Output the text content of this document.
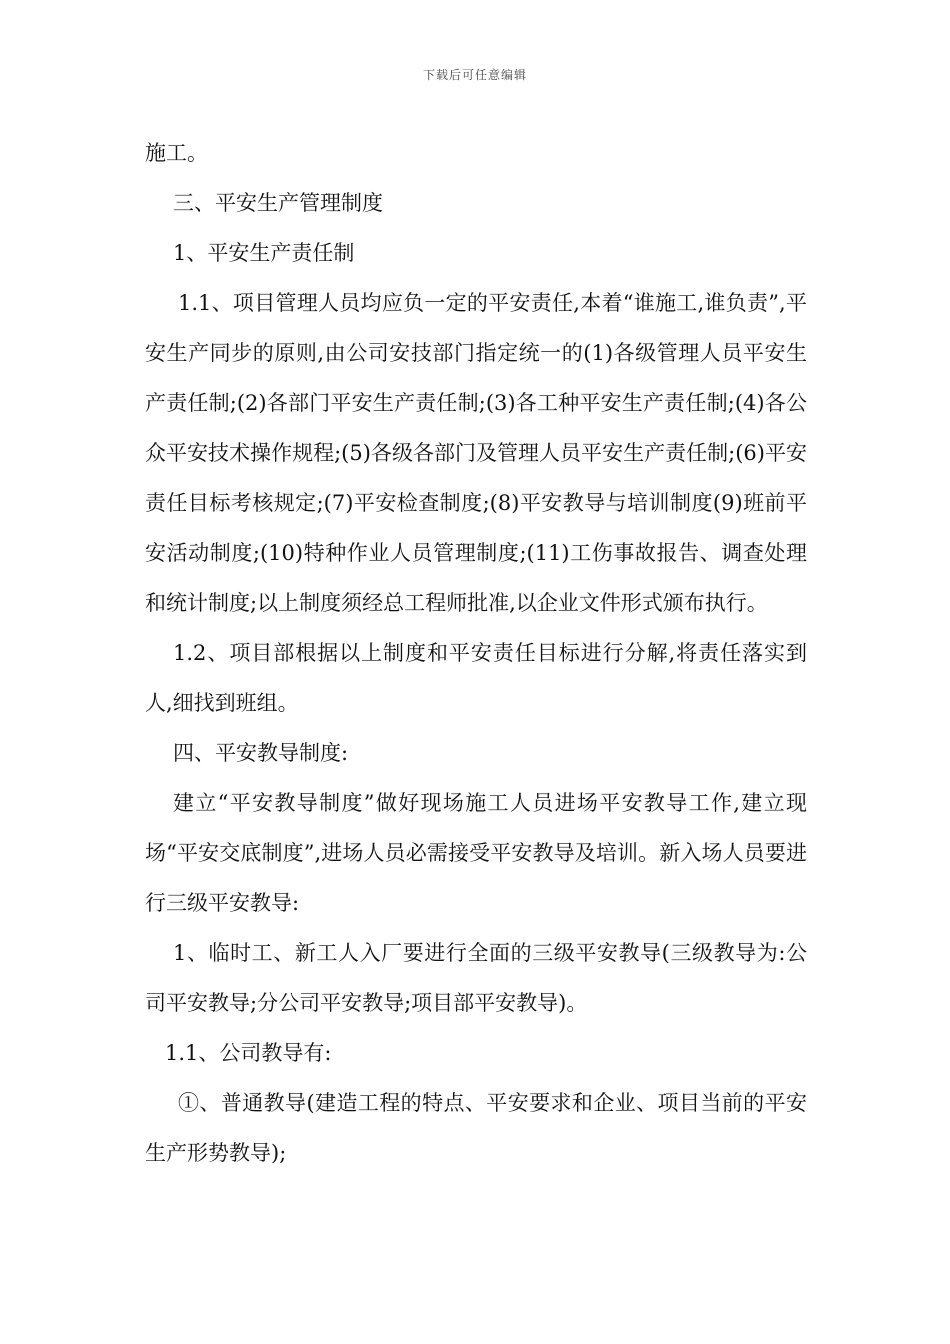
下载后可任意编辑

施工。

三、平安生产管理制度

1、平安生产责任制

1.1、项目管理人员均应负一定的平安责任,本着“谁施工,谁负责”,平安生产同步的原则,由公司安技部门指定统一的(1)各级管理人员平安生产责任制;(2)各部门平安生产责任制;(3)各工种平安生产责任制;(4)各公众平安技术操作规程;(5)各级各部门及管理人员平安生产责任制;(6)平安责任目标考核规定;(7)平安检查制度;(8)平安教导与培训制度(9)班前平安活动制度;(10)特种作业人员管理制度;(11)工伤事故报告、调查处理和统计制度;以上制度须经总工程师批准,以企业文件形式颁布执行。

1.2、项目部根据以上制度和平安责任目标进行分解,将责任落实到人,细找到班组。

四、平安教导制度:

建立“平安教导制度”做好现场施工人员进场平安教导工作,建立现场“平安交底制度”,进场人员必需接受平安教导及培训。新入场人员要进行三级平安教导:

1、临时工、新工人入厂要进行全面的三级平安教导(三级教导为:公司平安教导;分公司平安教导;项目部平安教导)。

1.1、公司教导有:

①、普通教导(建造工程的特点、平安要求和企业、项目当前的平安生产形势教导);
